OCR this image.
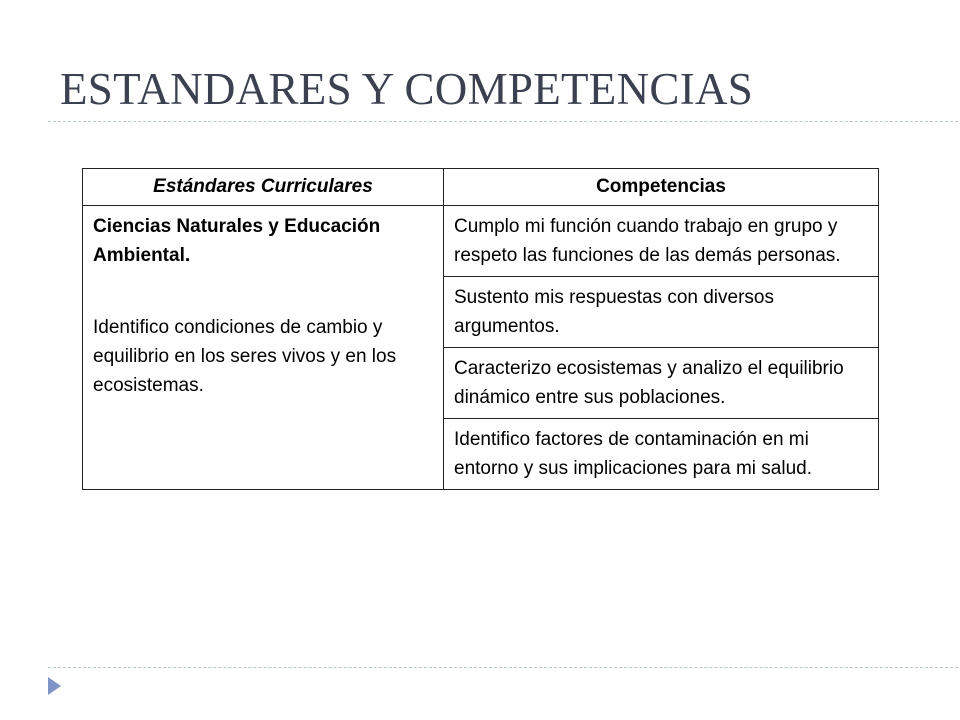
ESTANDARES Y COMPETENCIAS
Estándares Curriculares	Competencias

Ciencias Naturales y Educación Ambiental.
Identifico condiciones de cambio y equilibrio en los seres vivos y en los ecosistemas.	Cumplo mi función cuando trabajo en grupo y respeto las funciones de las demás personas.
	Sustento mis respuestas con diversos argumentos.
	Caracterizo ecosistemas y analizo el equilibrio dinámico entre sus poblaciones.
	Identifico factores de contaminación en mi entorno y sus implicaciones para mi salud.
